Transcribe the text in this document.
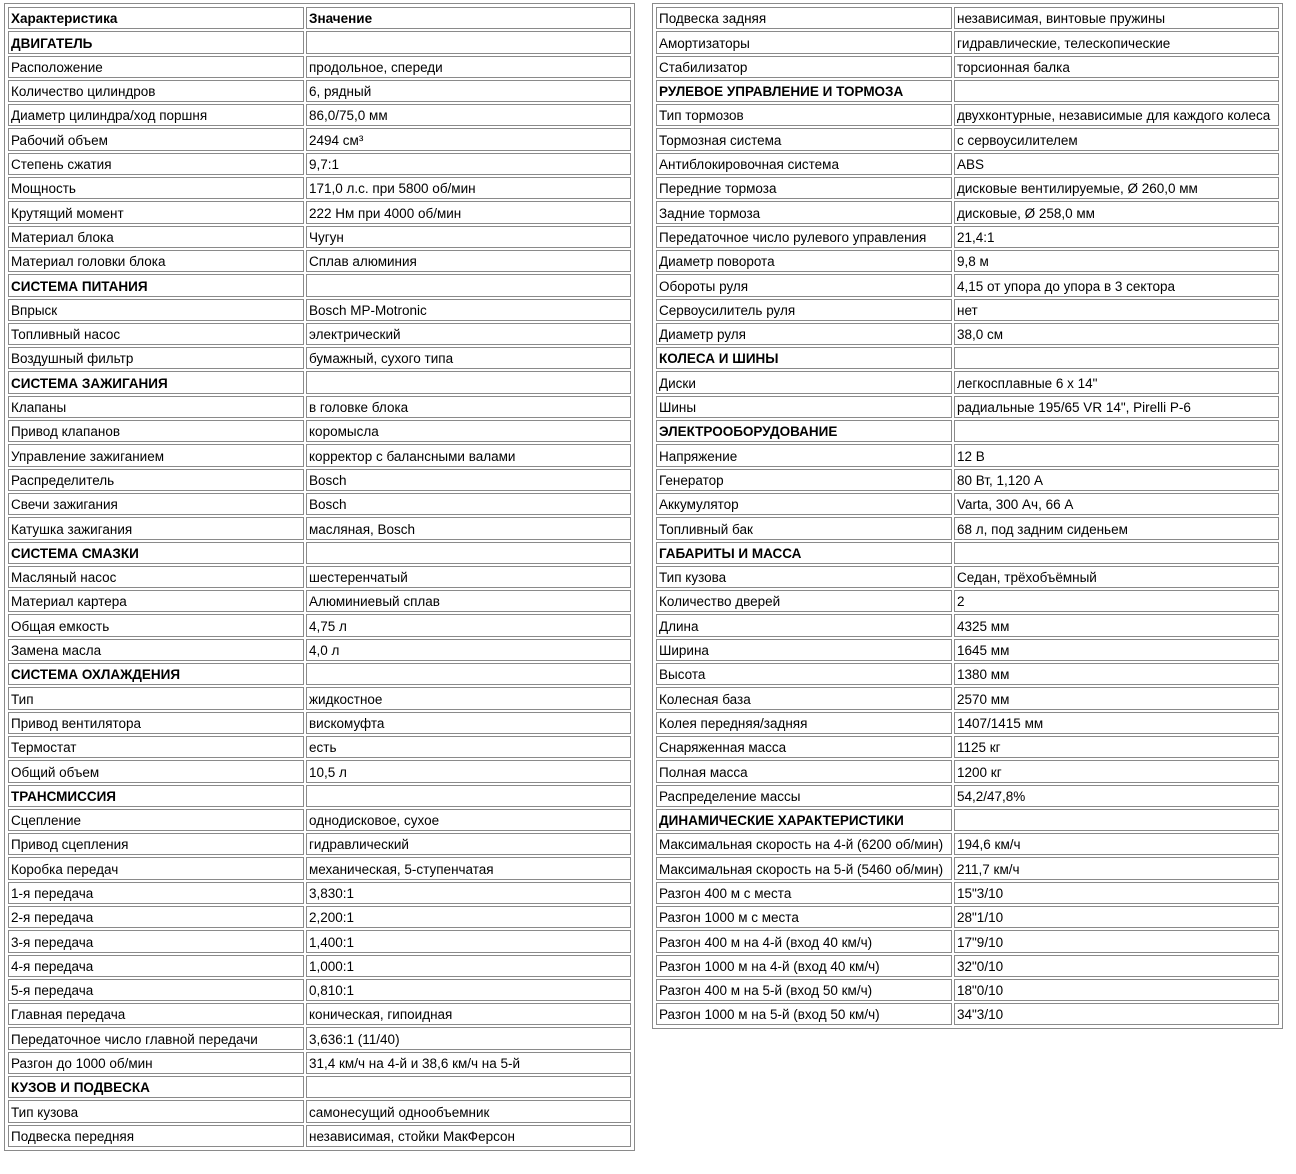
Характеристика	Значение
ДВИГАТЕЛЬ	
Расположение	продольное, спереди
Количество цилиндров	6, рядный
Диаметр цилиндра/ход поршня	86,0/75,0 мм
Рабочий объем	2494 см³
Степень сжатия	9,7:1
Мощность	171,0 л.с. при 5800 об/мин
Крутящий момент	222 Нм при 4000 об/мин
Материал блока	Чугун
Материал головки блока	Сплав алюминия
СИСТЕМА ПИТАНИЯ	
Впрыск	Bosch MP-Motronic
Топливный насос	электрический
Воздушный фильтр	бумажный, сухого типа
СИСТЕМА ЗАЖИГАНИЯ	
Клапаны	в головке блока
Привод клапанов	коромысла
Управление зажиганием	корректор с балансными валами
Распределитель	Bosch
Свечи зажигания	Bosch
Катушка зажигания	масляная, Bosch
СИСТЕМА СМАЗКИ	
Масляный насос	шестеренчатый
Материал картера	Алюминиевый сплав
Общая емкость	4,75 л
Замена масла	4,0 л
СИСТЕМА ОХЛАЖДЕНИЯ	
Тип	жидкостное
Привод вентилятора	вискомуфта
Термостат	есть
Общий объем	10,5 л
ТРАНСМИССИЯ	
Сцепление	однодисковое, сухое
Привод сцепления	гидравлический
Коробка передач	механическая, 5-ступенчатая
1-я передача	3,830:1
2-я передача	2,200:1
3-я передача	1,400:1
4-я передача	1,000:1
5-я передача	0,810:1
Главная передача	коническая, гипоидная
Передаточное число главной передачи	3,636:1 (11/40)
Разгон до 1000 об/мин	31,4 км/ч на 4-й и 38,6 км/ч на 5-й
КУЗОВ И ПОДВЕСКА	
Тип кузова	самонесущий однообъемник
Подвеска передняя	независимая, стойки МакФерсон
Подвеска задняя	независимая, винтовые пружины
Амортизаторы	гидравлические, телескопические
Стабилизатор	торсионная балка
РУЛЕВОЕ УПРАВЛЕНИЕ И ТОРМОЗА	
Тип тормозов	двухконтурные, независимые для каждого колеса
Тормозная система	с сервоусилителем
Антиблокировочная система	ABS
Передние тормоза	дисковые вентилируемые, Ø 260,0 мм
Задние тормоза	дисковые, Ø 258,0 мм
Передаточное число рулевого управления	21,4:1
Диаметр поворота	9,8 м
Обороты руля	4,15 от упора до упора в 3 сектора
Сервоусилитель руля	нет
Диаметр руля	38,0 см
КОЛЕСА И ШИНЫ	
Диски	легкосплавные 6 x 14"
Шины	радиальные 195/65 VR 14", Pirelli P-6
ЭЛЕКТРООБОРУДОВАНИЕ	
Напряжение	12 В
Генератор	80 Вт, 1,120 А
Аккумулятор	Varta, 300 Ач, 66 А
Топливный бак	68 л, под задним сиденьем
ГАБАРИТЫ И МАССА	
Тип кузова	Седан, трёхобъёмный
Количество дверей	2
Длина	4325 мм
Ширина	1645 мм
Высота	1380 мм
Колесная база	2570 мм
Колея передняя/задняя	1407/1415 мм
Снаряженная масса	1125 кг
Полная масса	1200 кг
Распределение массы	54,2/47,8%
ДИНАМИЧЕСКИЕ ХАРАКТЕРИСТИКИ	
Максимальная скорость на 4-й (6200 об/мин)	194,6 км/ч
Максимальная скорость на 5-й (5460 об/мин)	211,7 км/ч
Разгон 400 м с места	15"3/10
Разгон 1000 м с места	28"1/10
Разгон 400 м на 4-й (вход 40 км/ч)	17"9/10
Разгон 1000 м на 4-й (вход 40 км/ч)	32"0/10
Разгон 400 м на 5-й (вход 50 км/ч)	18"0/10
Разгон 1000 м на 5-й (вход 50 км/ч)	34"3/10
